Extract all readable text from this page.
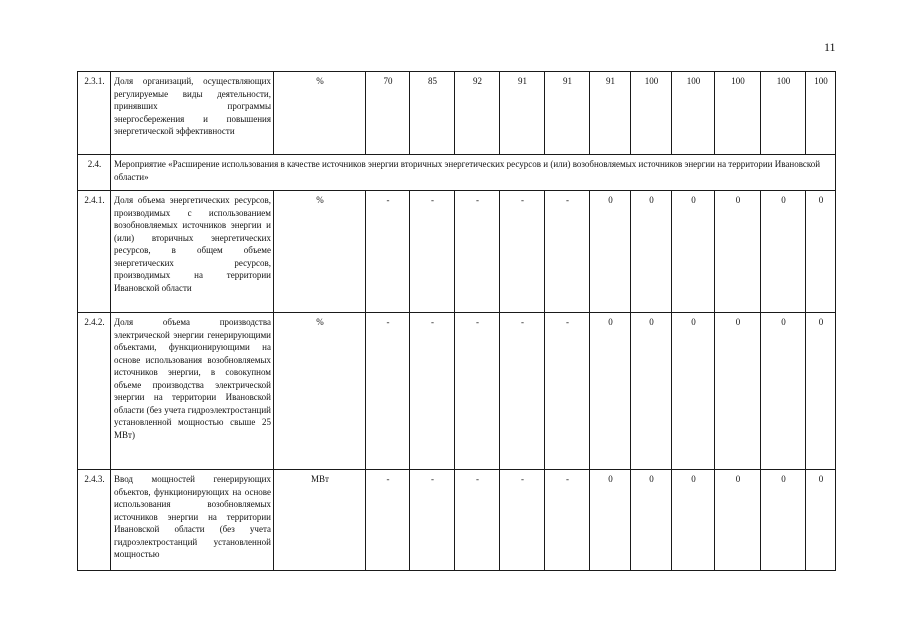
11
2.3.1.	Доля организаций, осуществляющих регулируемые виды деятельности, принявших программы энергосбережения и повышения энергетической эффективности	%	70	85	92	91	91	91	100	100	100	100	100
2.4.	Мероприятие «Расширение использования в качестве источников энергии вторичных энергетических ресурсов и (или) возобновляемых источников энергии на территории Ивановской области»												
2.4.1.	Доля объема энергетических ресурсов, производимых с использованием возобновляемых источников энергии и (или) вторичных энергетических ресурсов, в общем объеме энергетических ресурсов, производимых на территории Ивановской области	%	-	-	-	-	-	0	0	0	0	0	0
2.4.2.	Доля объема производства электрической энергии генерирующими объектами, функционирующими на основе использования возобновляемых источников энергии, в совокупном объеме производства электрической энергии на территории Ивановской области (без учета гидроэлектростанций установленной мощностью свыше 25 МВт)	%	-	-	-	-	-	0	0	0	0	0	0
2.4.3.	Ввод мощностей генерирующих объектов, функционирующих на основе использования возобновляемых источников энергии на территории Ивановской области (без учета гидроэлектростанций установленной мощностью	МВт	-	-	-	-	-	0	0	0	0	0	0
